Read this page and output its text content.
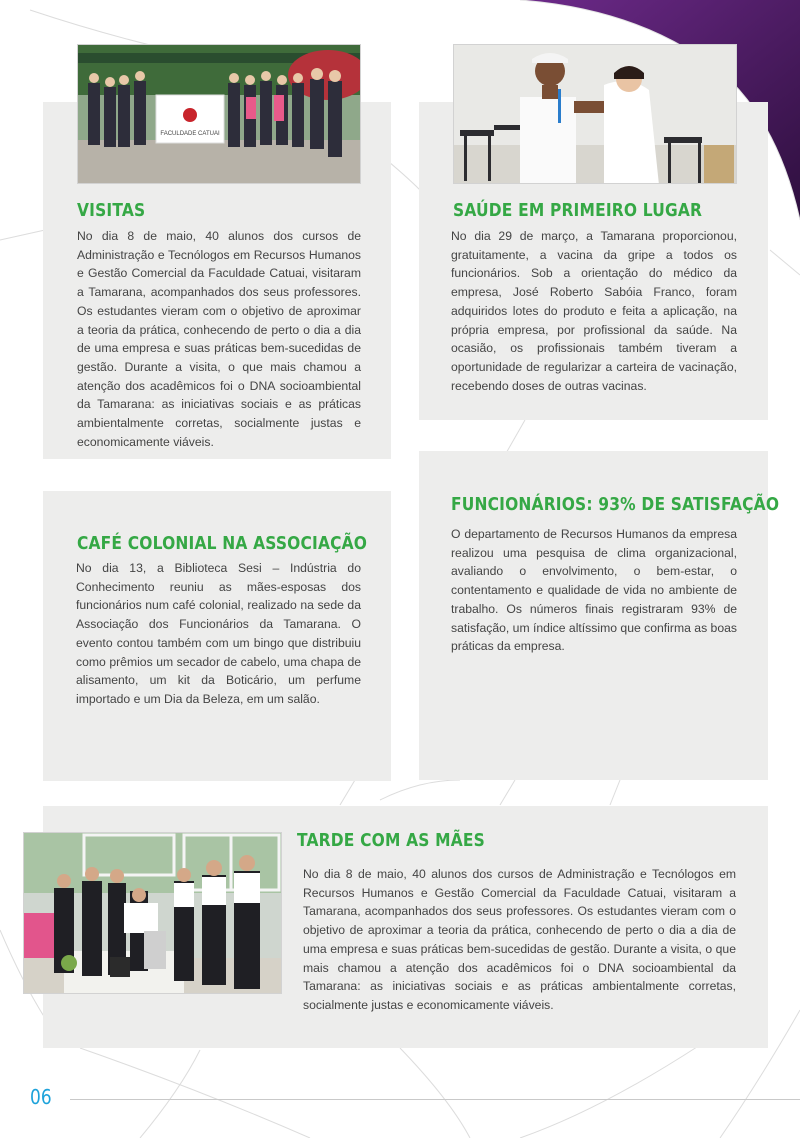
FACULDADE CATUAI
VISITAS
No dia 8 de maio, 40 alunos dos cursos de Administração e Tecnólogos em Recursos Humanos e Gestão Comercial da Faculdade Catuai, visitaram a Tamarana, acompanhados dos seus professores. Os estudantes vieram com o objetivo de aproximar a teoria da prática, conhecendo de perto o dia a dia de uma empresa e suas práticas bem-sucedidas de gestão. Durante a visita, o que mais chamou a atenção dos acadêmicos foi o DNA socioambiental da Tamarana: as iniciativas sociais e as práticas ambientalmente corretas, socialmente justas e economicamente viáveis.
SAÚDE EM PRIMEIRO LUGAR
No dia 29 de março, a Tamarana proporcionou, gratuitamente, a vacina da gripe a todos os funcionários. Sob a orientação do médico da empresa, José Roberto Sabóia Franco, foram adquiridos lotes do produto e feita a aplicação, na própria empresa, por profissional da saúde. Na ocasião, os profissionais também tiveram a oportunidade de regularizar a carteira de vacinação, recebendo doses de outras vacinas.
CAFÉ COLONIAL NA ASSOCIAÇÃO
No dia 13, a Biblioteca Sesi – Indústria do Conhecimento reuniu as mães-esposas dos funcionários num café colonial, realizado na sede da Associação dos Funcionários da Tamarana. O evento contou também com um bingo que distribuiu como prêmios um secador de cabelo, uma chapa de alisamento, um kit da Boticário, um perfume importado e um Dia da Beleza, em um salão.
FUNCIONÁRIOS: 93% DE SATISFAÇÃO
O departamento de Recursos Humanos da empresa realizou uma pesquisa de clima organizacional, avaliando o envolvimento, o bem-estar, o contentamento e qualidade de vida no ambiente de trabalho. Os números finais registraram 93% de satisfação, um índice altíssimo que confirma as boas práticas da empresa.
TARDE COM AS MÃES
No dia 8 de maio, 40 alunos dos cursos de Administração e Tecnólogos em Recursos Humanos e Gestão Comercial da Faculdade Catuai, visitaram a Tamarana, acompanhados dos seus professores. Os estudantes vieram com o objetivo de aproximar a teoria da prática, conhecendo de perto o dia a dia de uma empresa e suas práticas bem-sucedidas de gestão. Durante a visita, o que mais chamou a atenção dos acadêmicos foi o DNA socioambiental da Tamarana: as iniciativas sociais e as práticas ambientalmente corretas, socialmente justas e economicamente viáveis.
06
